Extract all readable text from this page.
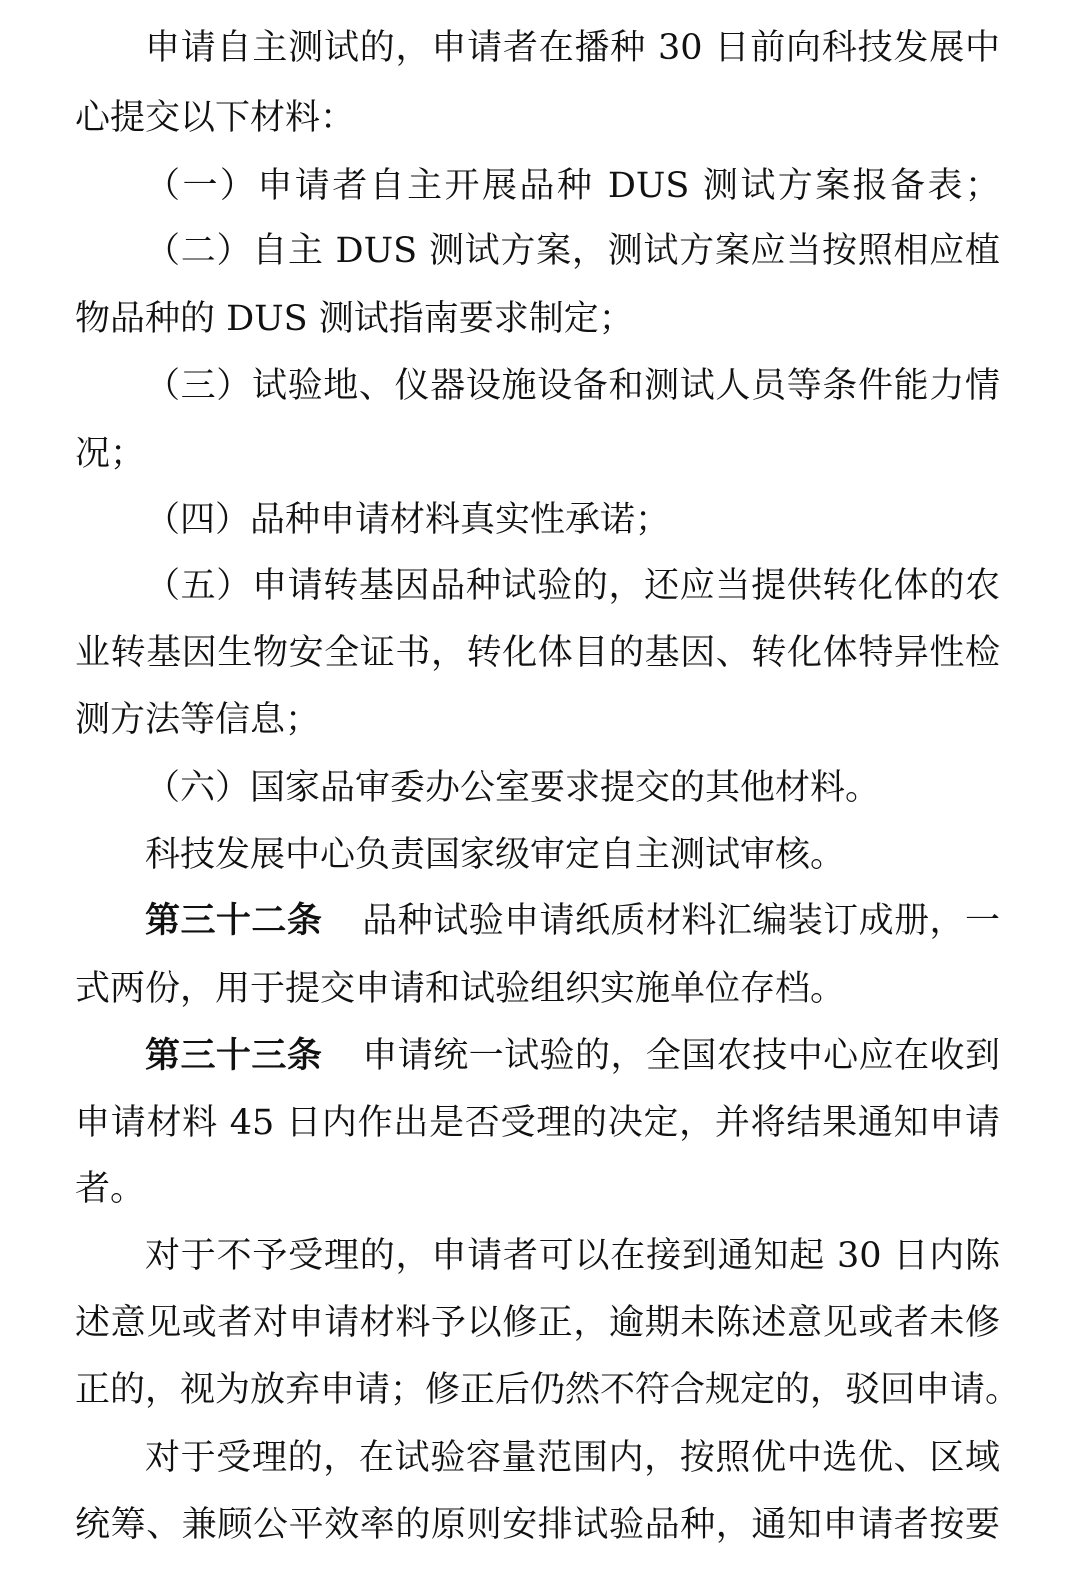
申请自主测试的，申请者在播种 30 日前向科技发展中
心提交以下材料：
（一）申请者自主开展品种 DUS 测试方案报备表；
（二）自主 DUS 测试方案，测试方案应当按照相应植
物品种的 DUS 测试指南要求制定；
（三）试验地、仪器设施设备和测试人员等条件能力情
况；
（四）品种申请材料真实性承诺；
（五）申请转基因品种试验的，还应当提供转化体的农
业转基因生物安全证书，转化体目的基因、转化体特异性检
测方法等信息；
（六）国家品审委办公室要求提交的其他材料。
科技发展中心负责国家级审定自主测试审核。
第三十二条 品种试验申请纸质材料汇编装订成册，一
式两份，用于提交申请和试验组织实施单位存档。
第三十三条 申请统一试验的，全国农技中心应在收到
申请材料 45 日内作出是否受理的决定，并将结果通知申请
者。
对于不予受理的，申请者可以在接到通知起 30 日内陈
述意见或者对申请材料予以修正，逾期未陈述意见或者未修
正的，视为放弃申请；修正后仍然不符合规定的，驳回申请。
对于受理的，在试验容量范围内，按照优中选优、区域
统筹、兼顾公平效率的原则安排试验品种，通知申请者按要
